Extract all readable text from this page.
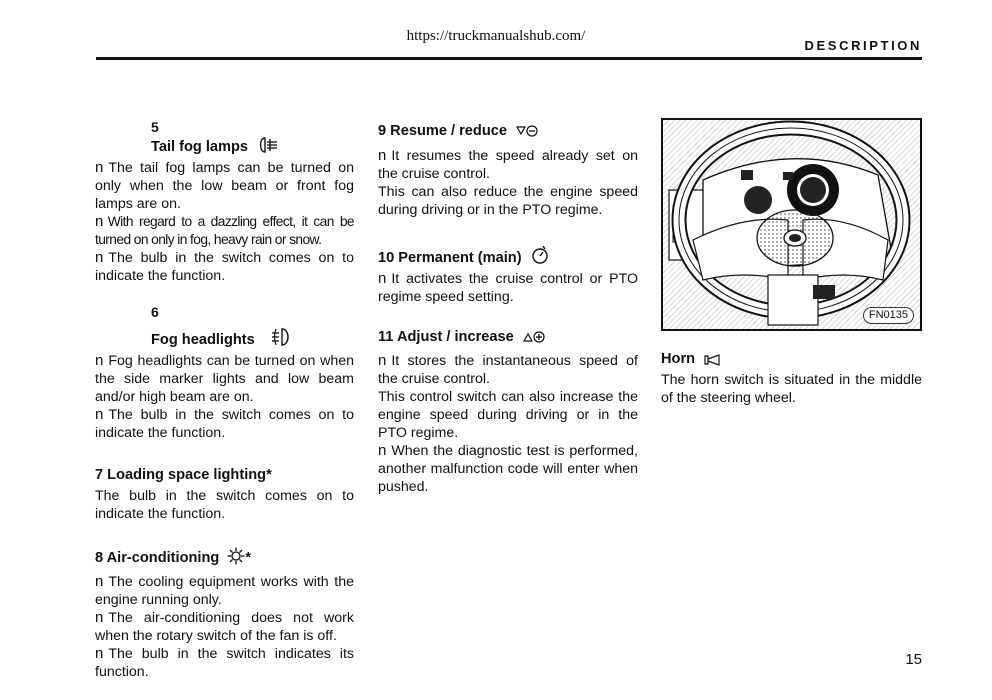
https://truckmanualshub.com/
DESCRIPTION
5
Tail fog lamps

n The tail fog lamps can be turned on only when the low beam or front fog lamps are on.

n With regard to a dazzling effect, it can be turned on only in fog, heavy rain or snow.

n The bulb in the switch comes on to indicate the function.

6
Fog headlights

n Fog headlights can be turned on when the side marker lights and low beam and/or high beam are on.

n The bulb in the switch comes on to indicate the function.

7 Loading space lighting*

The bulb in the switch comes on to indicate the function.

8 Air-conditioning *

n The cooling equipment works with the engine running only.

n The air-conditioning does not work when the rotary switch of the fan is off.

n The bulb in the switch indicates its function.

9 Resume / reduce

n It resumes the speed already set on the cruise control.

This can also reduce the engine speed during driving or in the PTO regime.

10 Permanent (main)

n It activates the cruise control or PTO regime speed setting.

11 Adjust / increase

n It stores the instantaneous speed of the cruise control.

This control switch can also increase the engine speed during driving or in the PTO regime.

n When the diagnostic test is performed, another malfunction code will enter when pushed.

FN0135
Horn

The horn switch is situated in the middle of the steering wheel.

15
